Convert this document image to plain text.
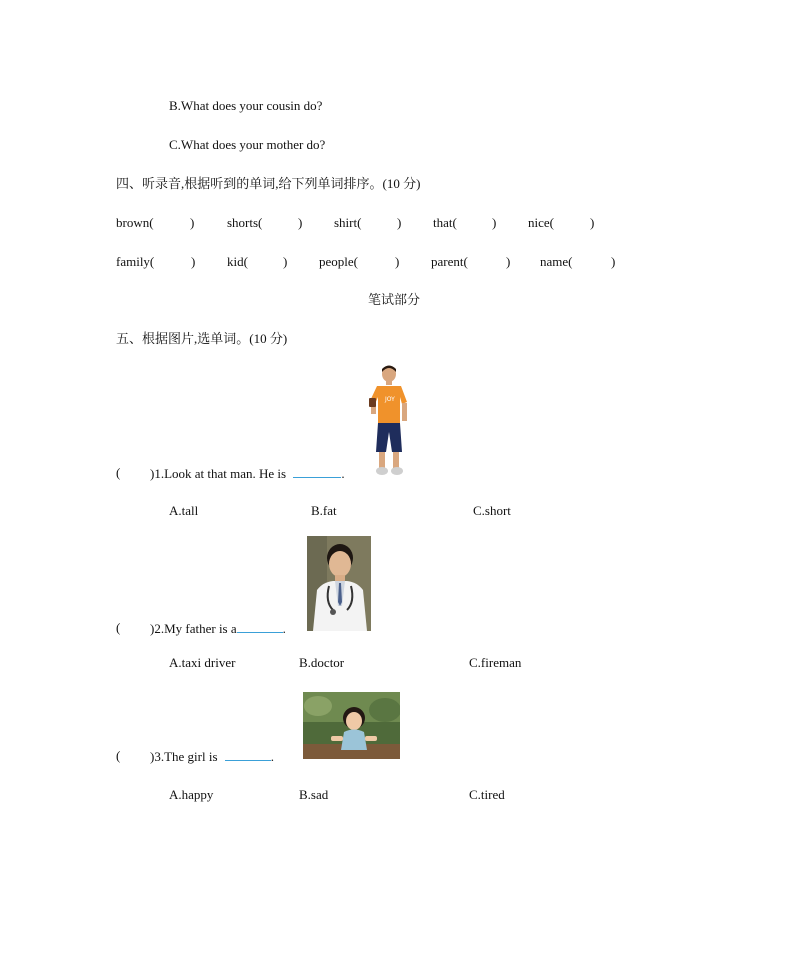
B.What does your cousin do?
C.What does your mother do?
四、听录音,根据听到的单词,给下列单词排序。(10 分)
brown(	)	shorts(	) shirt(	) that(	) nice(	)
family(	) kid(	) people(	) parent(	) name(	)
笔试部分
五、根据图片,选单词。(10 分)
JOY
( )1.Look at that man. He is	.
A.tall	B.fat	C.short
( )2.My father is a	.
A.taxi driver	B.doctor	C.fireman
( )3.The girl is	.
A.happy	B.sad	C.tired
